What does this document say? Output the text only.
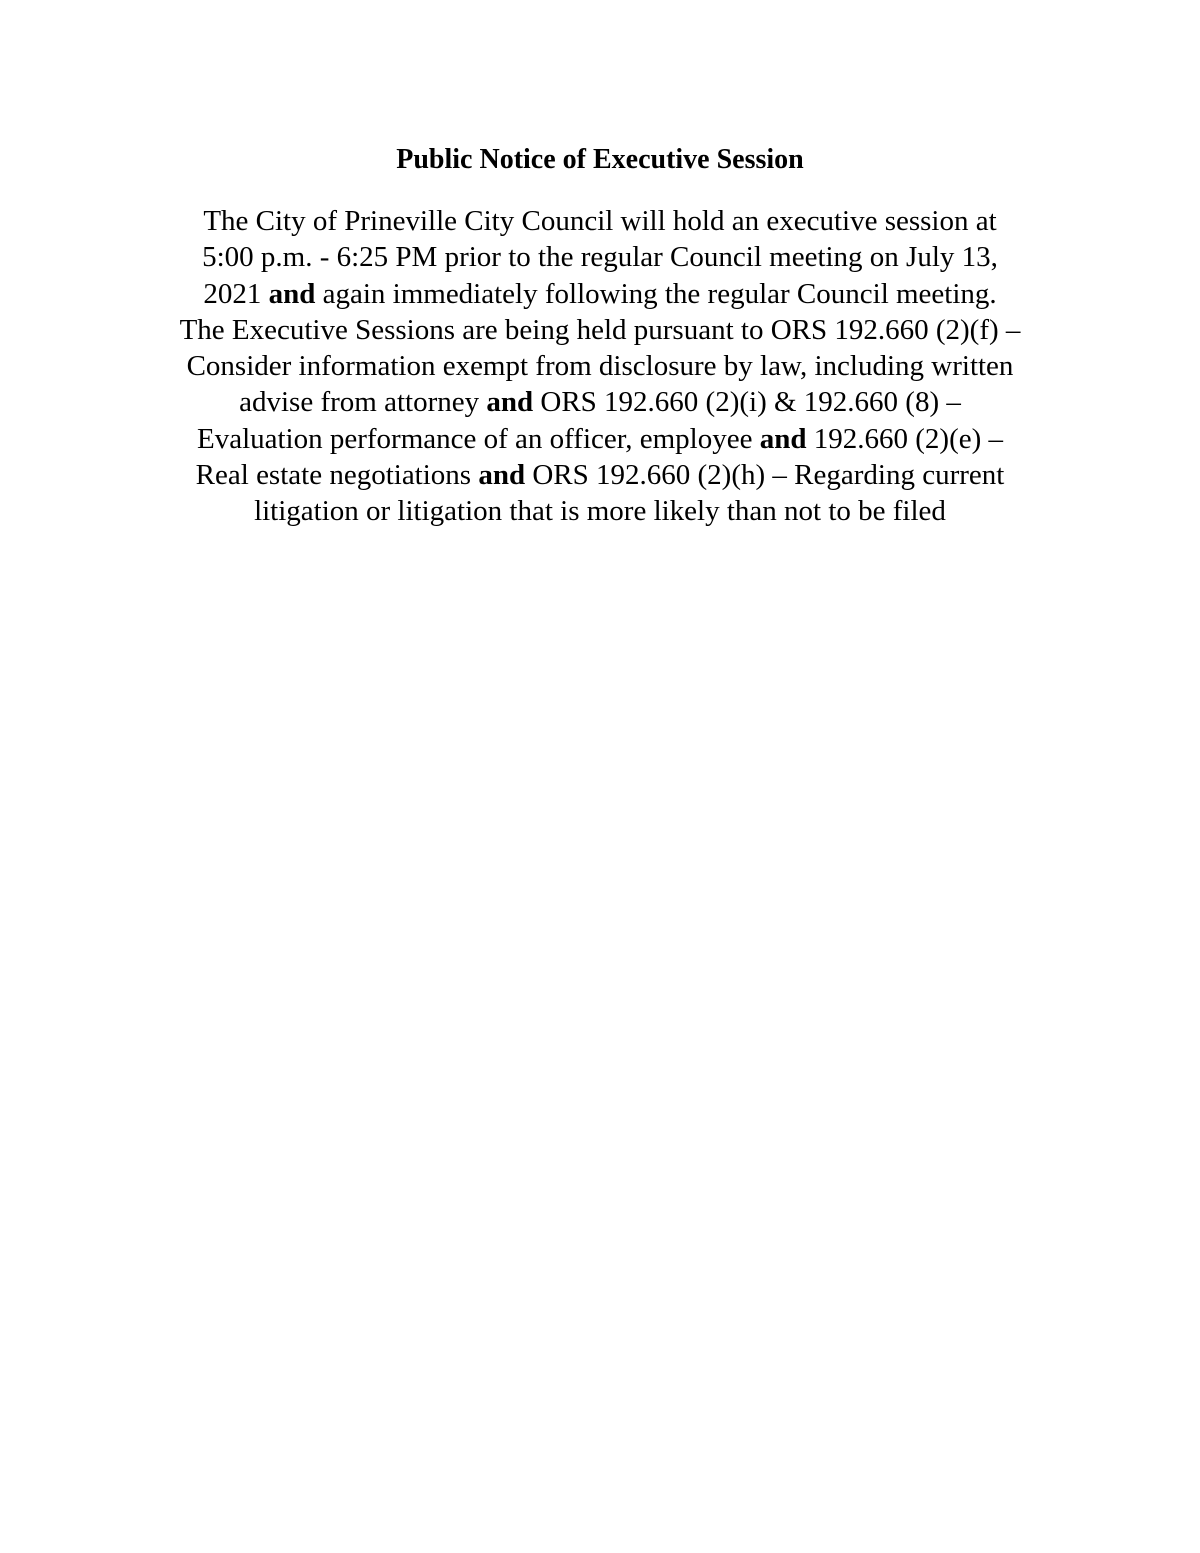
Public Notice of Executive Session

The City of Prineville City Council will hold an executive session at
5:00 p.m. - 6:25 PM prior to the regular Council meeting on July 13,
2021 and again immediately following the regular Council meeting.
The Executive Sessions are being held pursuant to ORS 192.660 (2)(f) –
Consider information exempt from disclosure by law, including written
advise from attorney and ORS 192.660 (2)(i) & 192.660 (8) –
Evaluation performance of an officer, employee and 192.660 (2)(e) –
Real estate negotiations and ORS 192.660 (2)(h) – Regarding current
litigation or litigation that is more likely than not to be filed
